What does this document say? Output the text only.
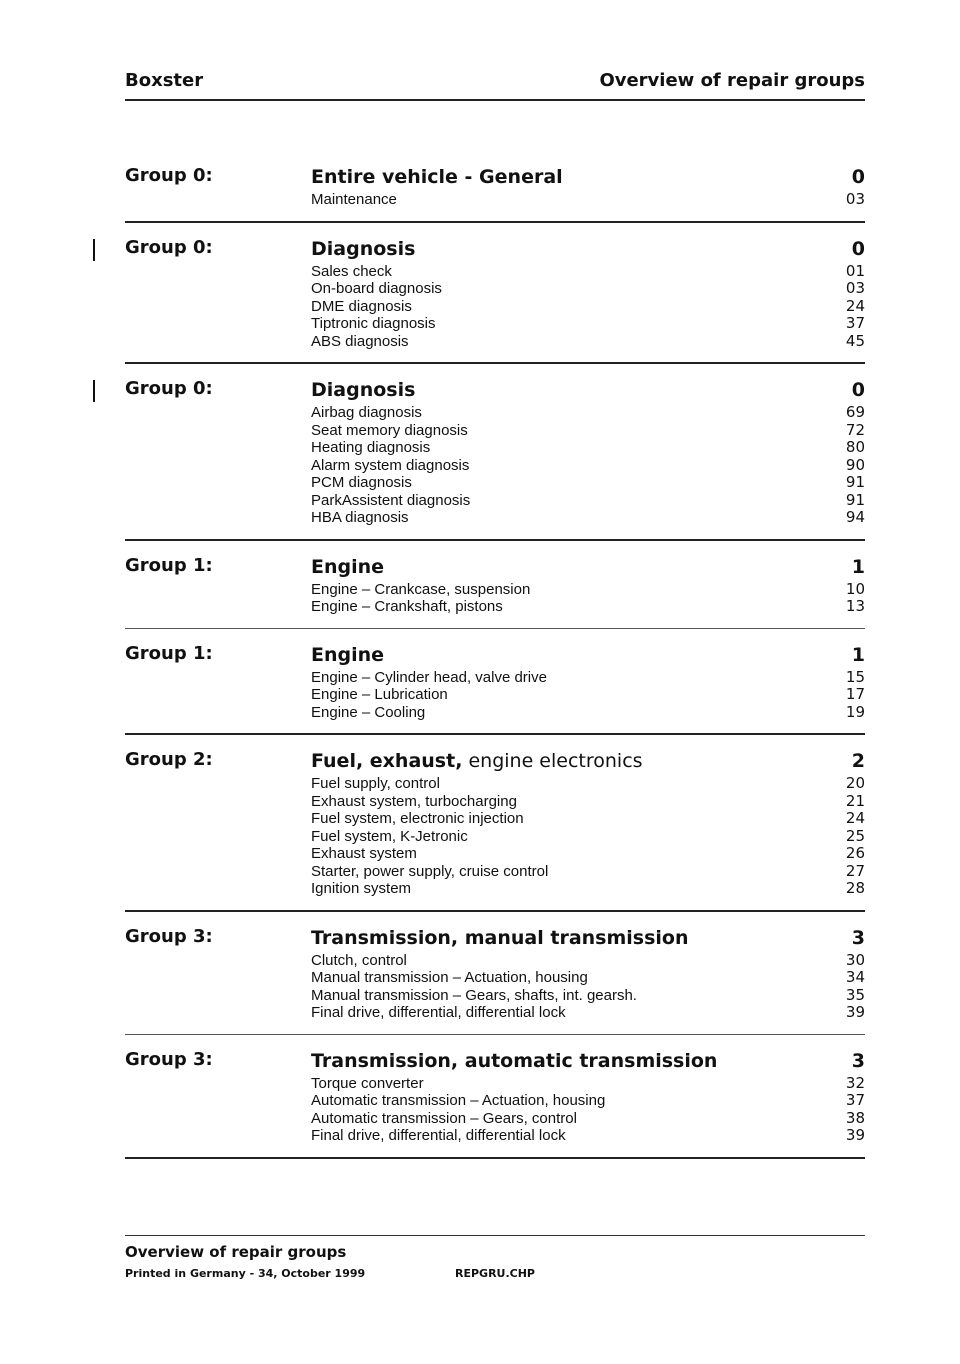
Boxster	Overview of repair groups
Group 0:	Entire vehicle - General	0
Maintenance	03
Group 0:	Diagnosis	0
Sales check	01
On-board diagnosis	03
DME diagnosis	24
Tiptronic diagnosis	37
ABS diagnosis	45
Group 0:	Diagnosis	0
Airbag diagnosis	69
Seat memory diagnosis	72
Heating diagnosis	80
Alarm system diagnosis	90
PCM diagnosis	91
ParkAssistent diagnosis	91
HBA diagnosis	94
Group 1:	Engine	1
Engine – Crankcase, suspension	10
Engine – Crankshaft, pistons	13
Group 1:	Engine	1
Engine – Cylinder head, valve drive	15
Engine – Lubrication	17
Engine – Cooling	19
Group 2:	Fuel, exhaust, engine electronics	2
Fuel supply, control	20
Exhaust system, turbocharging	21
Fuel system, electronic injection	24
Fuel system, K-Jetronic	25
Exhaust system	26
Starter, power supply, cruise control	27
Ignition system	28
Group 3:	Transmission, manual transmission	3
Clutch, control	30
Manual transmission – Actuation, housing	34
Manual transmission – Gears, shafts, int. gearsh.	35
Final drive, differential, differential lock	39
Group 3:	Transmission, automatic transmission	3
Torque converter	32
Automatic transmission – Actuation, housing	37
Automatic transmission – Gears, control	38
Final drive, differential, differential lock	39
Overview of repair groups
Printed in Germany - 34, October 1999	REPGRU.CHP
